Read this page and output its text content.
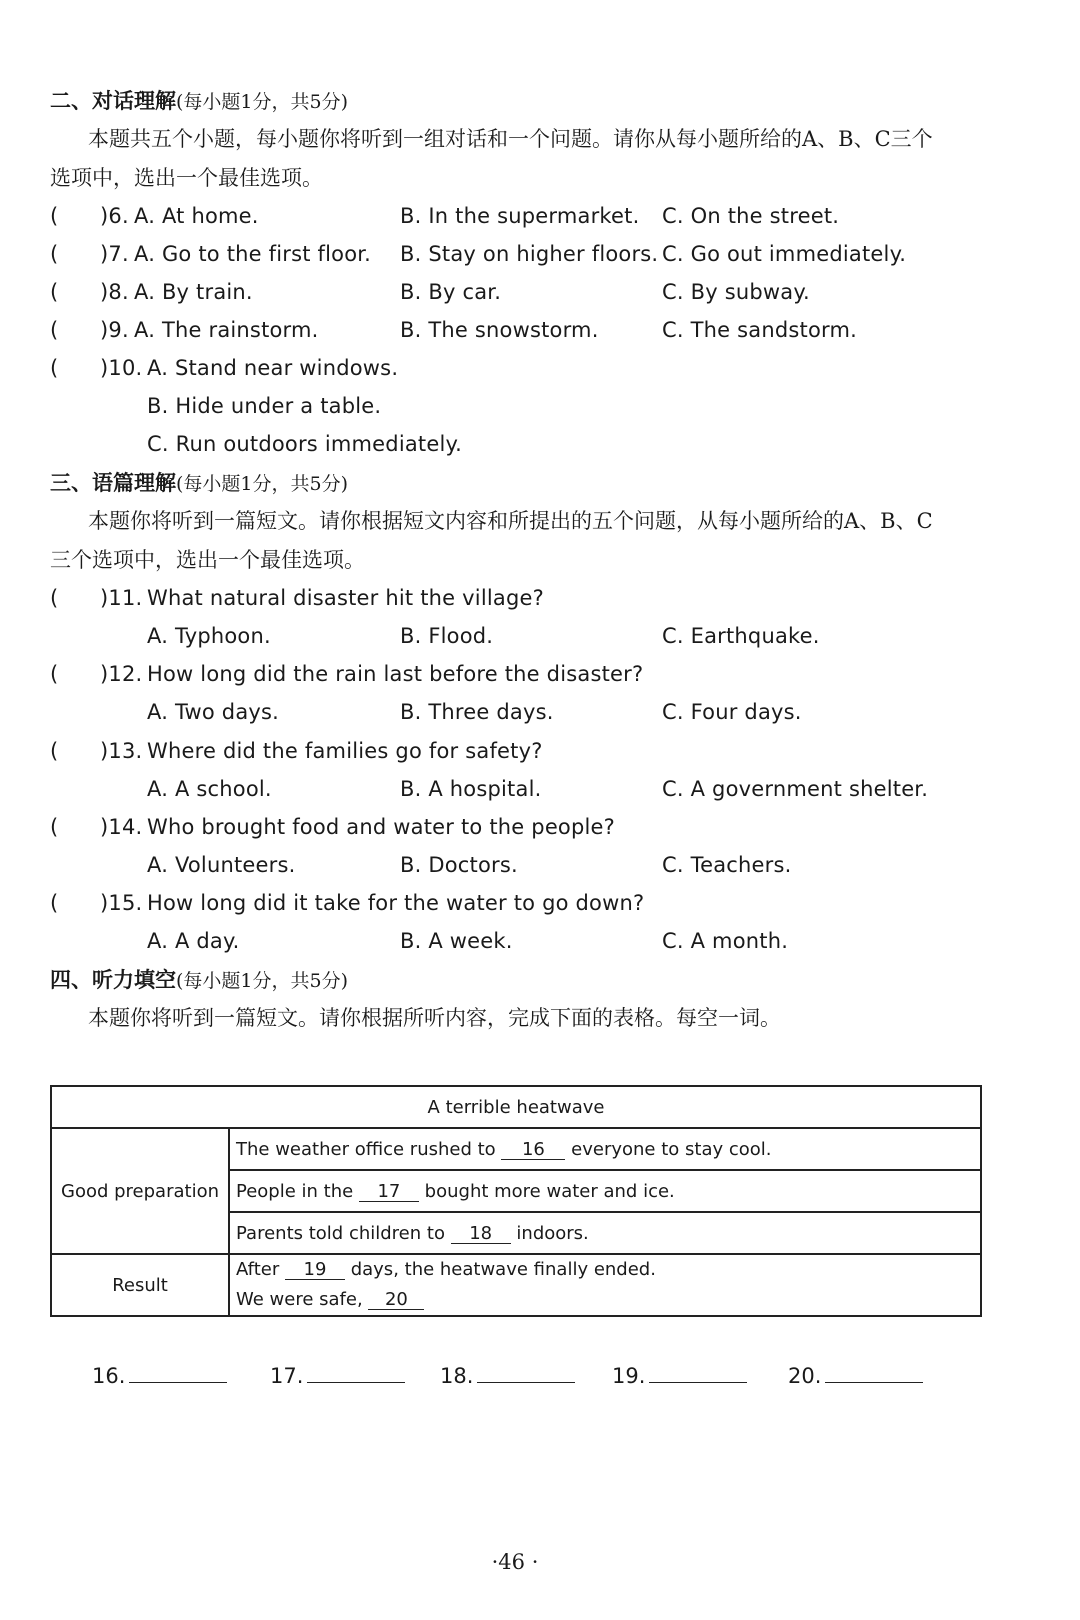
二、对话理解(每小题1分，共5分)
本题共五个小题，每小题你将听到一组对话和一个问题。请你从每小题所给的A、B、C三个
选项中，选出一个最佳选项。
( )6. A. At home.	B. In the supermarket. C. On the street.
( )7. A. Go to the first floor. B. Stay on higher floors. C. Go out immediately.
( )8. A. By train.	B. By car.	C. By subway.
( )9. A. The rainstorm.	B. The snowstorm.	C. The sandstorm.
( )10. A. Stand near windows.
B. Hide under a table.
C. Run outdoors immediately.
三、语篇理解(每小题1分，共5分)
本题你将听到一篇短文。请你根据短文内容和所提出的五个问题，从每小题所给的A、B、C
三个选项中，选出一个最佳选项。
( )11. What natural disaster hit the village?
A. Typhoon.	B. Flood.	C. Earthquake.
( )12. How long did the rain last before the disaster?
A. Two days.	B. Three days.	C. Four days.
( )13. Where did the families go for safety?
A. A school.	B. A hospital.	C. A government shelter.
( )14. Who brought food and water to the people?
A. Volunteers.	B. Doctors.	C. Teachers.
( )15. How long did it take for the water to go down?
A. A day.	B. A week.	C. A month.
四、听力填空(每小题1分，共5分)
本题你将听到一篇短文。请你根据所听内容，完成下面的表格。每空一词。
A terrible heatwave	
Good preparation	The weather office rushed to 16 everyone to stay cool.
	People in the 17 bought more water and ice.
	Parents told children to 18 indoors.
Result	After 19 days, the heatwave finally ended.
We were safe, 20
16.	17.	18.	19.	20.
·46 ·
